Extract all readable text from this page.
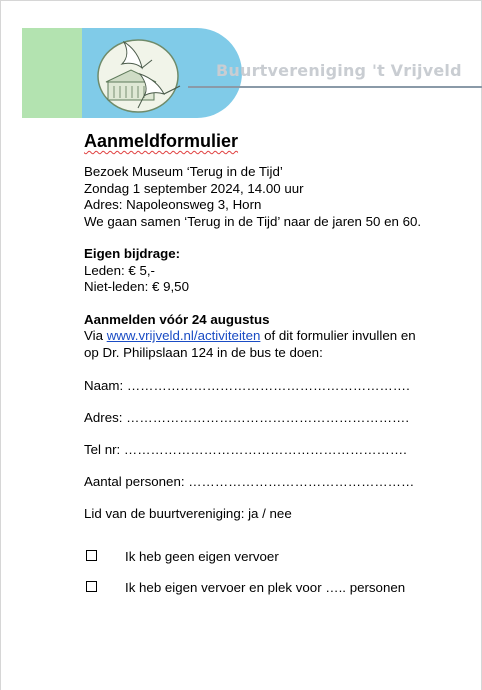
Buurtvereniging 't Vrijveld
Aanmeldformulier
Bezoek Museum ‘Terug in de Tijd’
Zondag 1 september 2024, 14.00 uur
Adres: Napoleonsweg 3, Horn
We gaan samen ‘Terug in de Tijd’ naar de jaren 50 en 60.
Eigen bijdrage:
Leden: € 5,-
Niet-leden: € 9,50
Aanmelden vóór 24 augustus
Via www.vrijveld.nl/activiteiten of dit formulier invullen en
op Dr. Philipslaan 124 in de bus te doen:
Naam: ……………………………………………………….
Adres: ……………………………………………………….
Tel nr: ……………………………………………………….
Aantal personen: ……………………………………………
Lid van de buurtvereniging: ja / nee
Ik heb geen eigen vervoer
Ik heb eigen vervoer en plek voor ….. personen
